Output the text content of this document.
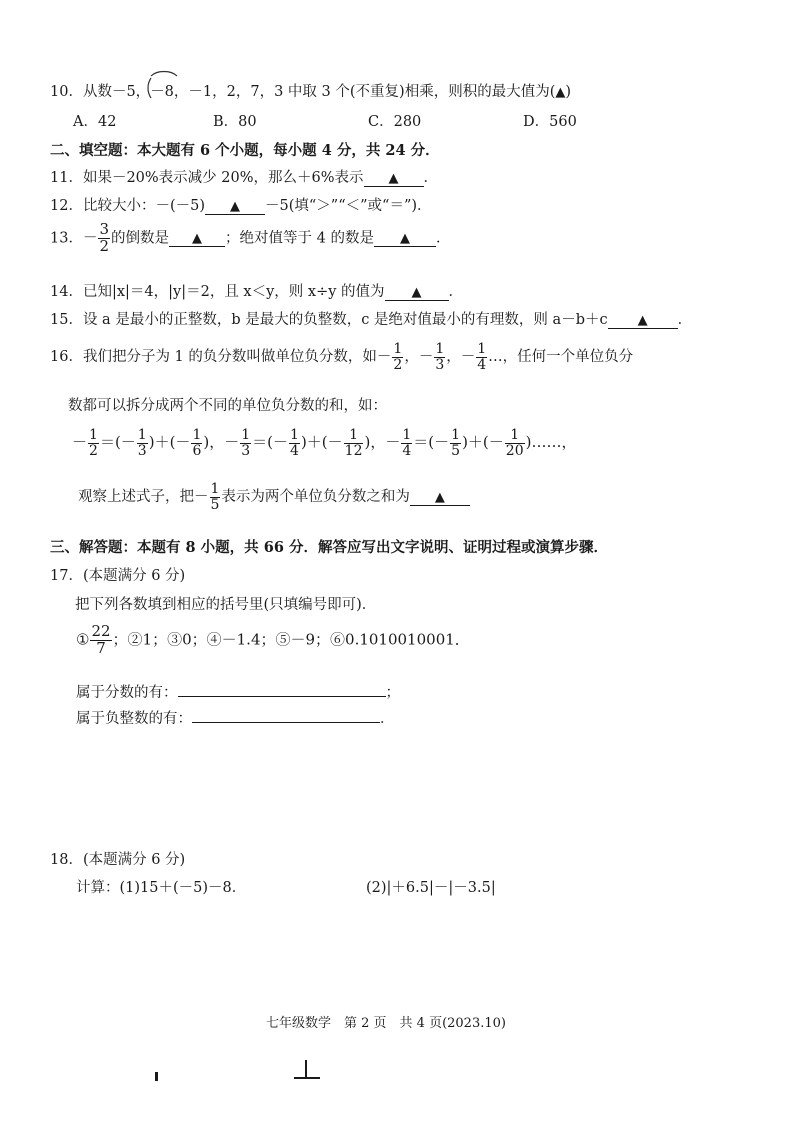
10．从数－5，－8，－1，2，7，3 中取 3 个(不重复)相乘，则积的最大值为(▲)
A．42	B．80	C．280	D．560
二、填空题：本大题有 6 个小题，每小题 4 分，共 24 分．
11．如果－20%表示减少 20%，那么＋6%表示 ▲ ．
12．比较大小：－(－5) ▲ －5(填“＞”“＜”或“＝”)．
13．－ $\frac{3}{2}$ 的倒数是 ▲ ；绝对值等于 4 的数是 ▲ ．
14．已知|x|＝4，|y|＝2，且 x＜y，则 x÷y 的值为 ▲ ．
15．设 a 是最小的正整数，b 是最大的负整数，c 是绝对值最小的有理数，则 a－b＋c ▲ ．
16．我们把分子为 1 的负分数叫做单位负分数，如－ $\frac{1}{2}$ ，－ $\frac{1}{3}$ ，－ $\frac{1}{4}$ …，任何一个单位负分
数都可以拆分成两个不同的单位负分数的和，如：
－ $\frac{1}{2}$ ＝(－ $\frac{1}{3}$ )＋(－ $\frac{1}{6}$ )，－ $\frac{1}{3}$ ＝(－ $\frac{1}{4}$ )＋(－ $\frac{1}{12}$ )，－ $\frac{1}{4}$ ＝(－ $\frac{1}{5}$ )＋(－ $\frac{1}{20}$ )……，
观察上述式子，把－ $\frac{1}{5}$ 表示为两个单位负分数之和为 ▲
三、解答题：本题有 8 小题，共 66 分．解答应写出文字说明、证明过程或演算步骤．
17．(本题满分 6 分)
把下列各数填到相应的括号里(只填编号即可)．
① $\frac{22}{7}$ ；②1；③0；④－1.4；⑤－9；⑥0.1010010001．
属于分数的有：	；
属于负整数的有：	．
18．(本题满分 6 分)
计算：(1)15＋(－5)－8．	(2)|＋6.5|－|－3.5|
七年级数学　第 2 页　共 4 页(2023.10)
